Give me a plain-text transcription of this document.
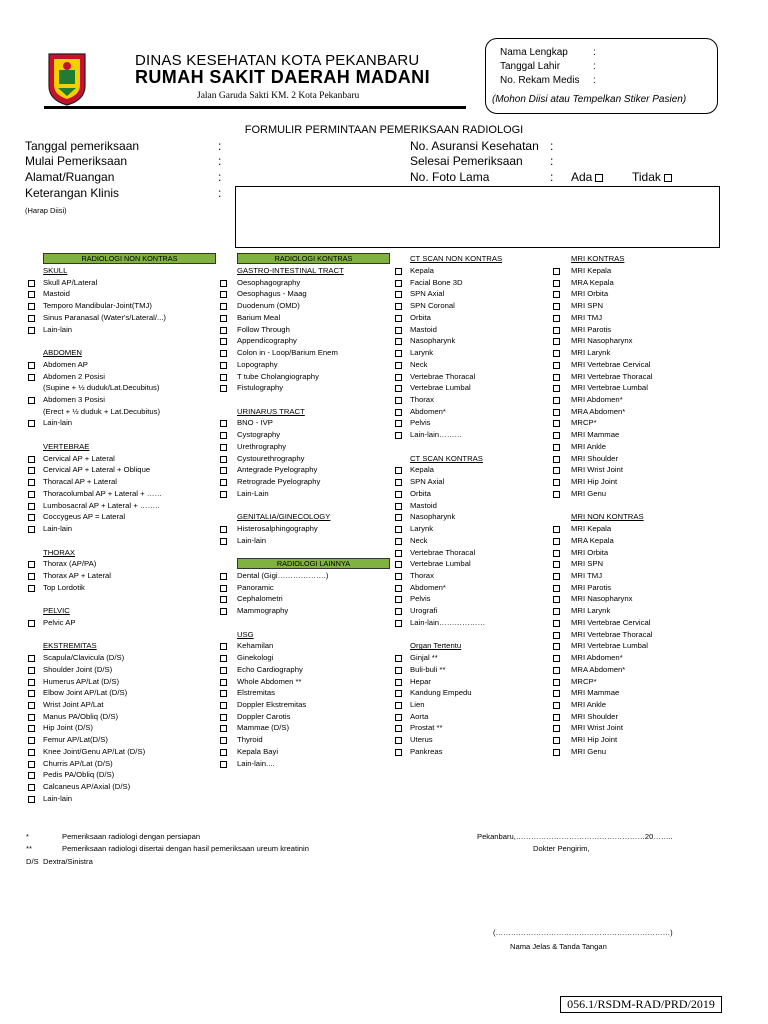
DINAS KESEHATAN KOTA PEKANBARU
RUMAH SAKIT DAERAH MADANI
Jalan Garuda Sakti KM. 2 Kota Pekanbaru
Nama Lengkap	:
Tanggal Lahir	:
No. Rekam Medis :
(Mohon Diisi atau Tempelkan Stiker Pasien)
FORMULIR PERMINTAAN PEMERIKSAAN RADIOLOGI
Tanggal pemeriksaan	:
Mulai Pemeriksaan	:
Alamat/Ruangan	:
Keterangan Klinis	:
(Harap Diisi)
No. Asuransi Kesehatan :
Selesai Pemeriksaan :
No. Foto Lama	: Ada	Tidak
RADIOLOGI NON KONTRAS
SKULL
Skull AP/Lateral
Mastoid
Temporo Mandibular-Joint(TMJ)
Sinus Paranasal (Water's/Lateral/...)
Lain-lain
ABDOMEN
Abdomen AP
Abdomen 2 Posisi
(Supine + ½ duduk/Lat.Decubitus)
Abdomen 3 Posisi
(Erect + ½ duduk + Lat.Decubitus)
Lain-lain
VERTEBRAE
Cervical AP + Lateral
Cervical AP + Lateral + Oblique
Thoracal AP + Lateral
Thoracolumbal AP + Lateral + ……
Lumbosacral AP + Lateral + ……..
Coccygeus AP = Lateral
Lain-lain
THORAX
Thorax (AP/PA)
Thorax AP + Lateral
Top Lordotik
PELVIC
Pelvic AP
EKSTREMITAS
Scapula/Clavicula (D/S)
Shoulder Joint (D/S)
Humerus AP/Lat (D/S)
Elbow Joint AP/Lat (D/S)
Wrist Joint AP/Lat
Manus PA/Obliq (D/S)
Hip Joint (D/S)
Femur AP/Lat(D/S)
Knee Joint/Genu AP/Lat (D/S)
Churris AP/Lat (D/S)
Pedis PA/Obliq (D/S)
Calcaneus AP/Axial (D/S)
Lain-lain
RADIOLOGI KONTRAS
GASTRO-INTESTINAL TRACT
Oesophagography
Oesophagus - Maag
Duodenum (OMD)
Barium Meal
Follow Through
Appendicography
Colon in - Loop/Barium Enem
Lopography
T tube Cholangiography
Fistulography
URINARUS TRACT
BNO - IVP
Cystography
Urethrography
Cystourethrography
Antegrade Pyelography
Retrograde Pyelography
Lain-Lain
GENITALIA/GINECOLOGY
Histerosalphingography
Lain-lain
RADIOLOGI LAINNYA
Dental (Gigi……………….)
Panoramic
Cephalometri
Mammography
USG
Kehamilan
Ginekologi
Echo Cardiography
Whole Abdomen **
Elstremitas
Doppler Ekstremitas
Doppler Carotis
Mammae (D/S)
Thyroid
Kepala Bayi
Lain-lain....
CT SCAN NON KONTRAS
Kepala
Facial Bone 3D
SPN Axial
SPN Coronal
Orbita
Mastoid
Nasopharynk
Larynk
Neck
Vertebrae Thoracal
Vertebrae Lumbal
Thorax
Abdomen*
Pelvis
Lain-lain………
CT SCAN KONTRAS
Kepala
SPN Axial
Orbita
Mastoid
Nasopharynk
Larynk
Neck
Vertebrae Thoracal
Vertebrae Lumbal
Thorax
Abdomen*
Pelvis
Urografi
Lain-lain………………
Organ Tertentu
Ginjal **
Buli-buli **
Hepar
Kandung Empedu
Lien
Aorta
Prostat **
Uterus
Pankreas
MRI KONTRAS
MRI Kepala
MRA Kepala
MRI Orbita
MRI SPN
MRI TMJ
MRI Parotis
MRI Nasopharynx
MRI Larynk
MRI Vertebrae Cervical
MRI Vertebrae Thoracal
MRI Vertebrae Lumbal
MRI Abdomen*
MRA Abdomen*
MRCP*
MRI Mammae
MRI Ankle
MRI Shoulder
MRI Wrist Joint
MRI Hip Joint
MRI Genu
MRI NON KONTRAS
MRI Kepala
MRA Kepala
MRI Orbita
MRI SPN
MRI TMJ
MRI Parotis
MRI Nasopharynx
MRI Larynk
MRI Vertebrae Cervical
MRI Vertebrae Thoracal
MRI Vertebrae Lumbal
MRI Abdomen*
MRA Abdomen*
MRCP*
MRI Mammae
MRI Ankle
MRI Shoulder
MRI Wrist Joint
MRI Hip Joint
MRI Genu
*	Pemeriksaan radiologi dengan persiapan
**	Pemeriksaan radiologi disertai dengan hasil pemeriksaan ureum kreatinin
D/S Dextra/Sinistra
Pekanbaru,……………………………………………20……..
Dokter Pengirim,
(……………………………………………………………)
Nama Jelas & Tanda Tangan
056.1/RSDM-RAD/PRD/2019
